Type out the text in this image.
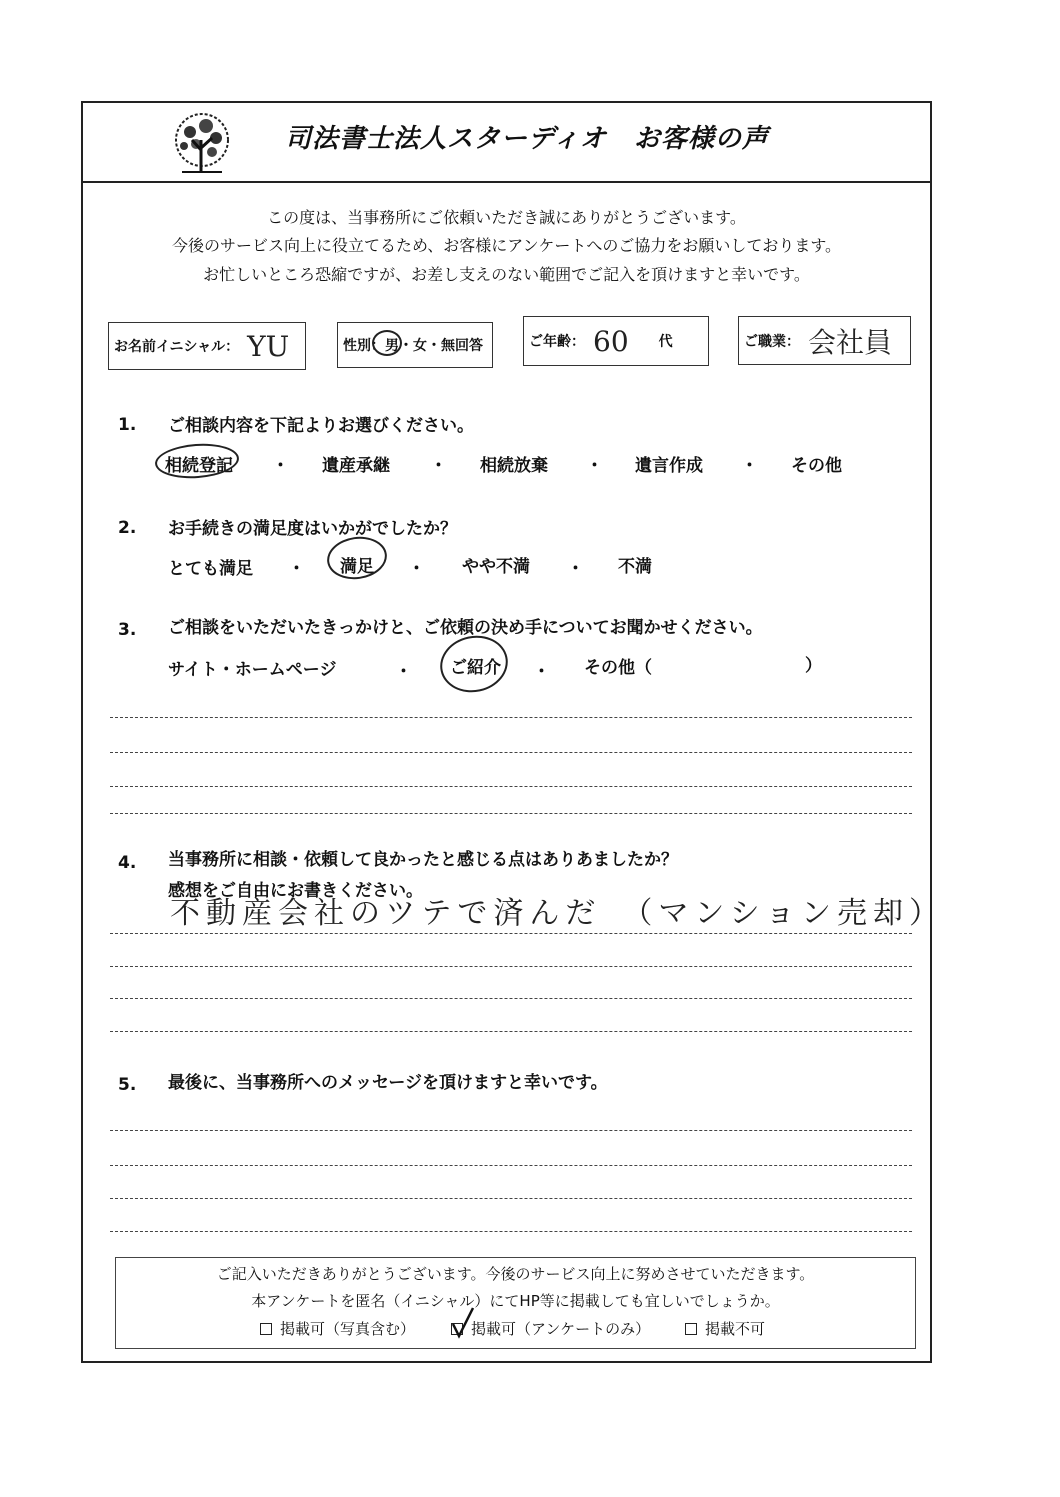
司法書士法人スターディオ　お客様の声
この度は、当事務所にご依頼いただき誠にありがとうございます。
今後のサービス向上に役立てるため、お客様にアンケートへのご協力をお願いしております。
お忙しいところ恐縮ですが、お差し支えのない範囲でご記入を頂けますと幸いです。
お名前イニシャル： YU	性別：男・女・無回答	ご年齢： 60 代	ご職業： 会社員
1. ご相談内容を下記よりお選びください。
相続登記 ・ 遺産承継 ・ 相続放棄 ・ 遺言作成 ・ その他
2. お手続きの満足度はいかがでしたか？
とても満足 ・ 満足 ・ やや不満 ・ 不満
3. ご相談をいただいたきっかけと、ご依頼の決め手についてお聞かせください。
サイト・ホームページ	・ ご紹介 ・ その他（	）
4. 当事務所に相談・依頼して良かったと感じる点はありあましたか？
感想をご自由にお書きください。
不動産会社のツテで済んだ　（マンション売却）
5. 最後に、当事務所へのメッセージを頂けますと幸いです。
ご記入いただきありがとうございます。今後のサービス向上に努めさせていただきます。
本アンケートを匿名（イニシャル）にてHP等に掲載しても宜しいでしょうか。
掲載可（写真含む）	掲載可（アンケートのみ）	掲載不可
